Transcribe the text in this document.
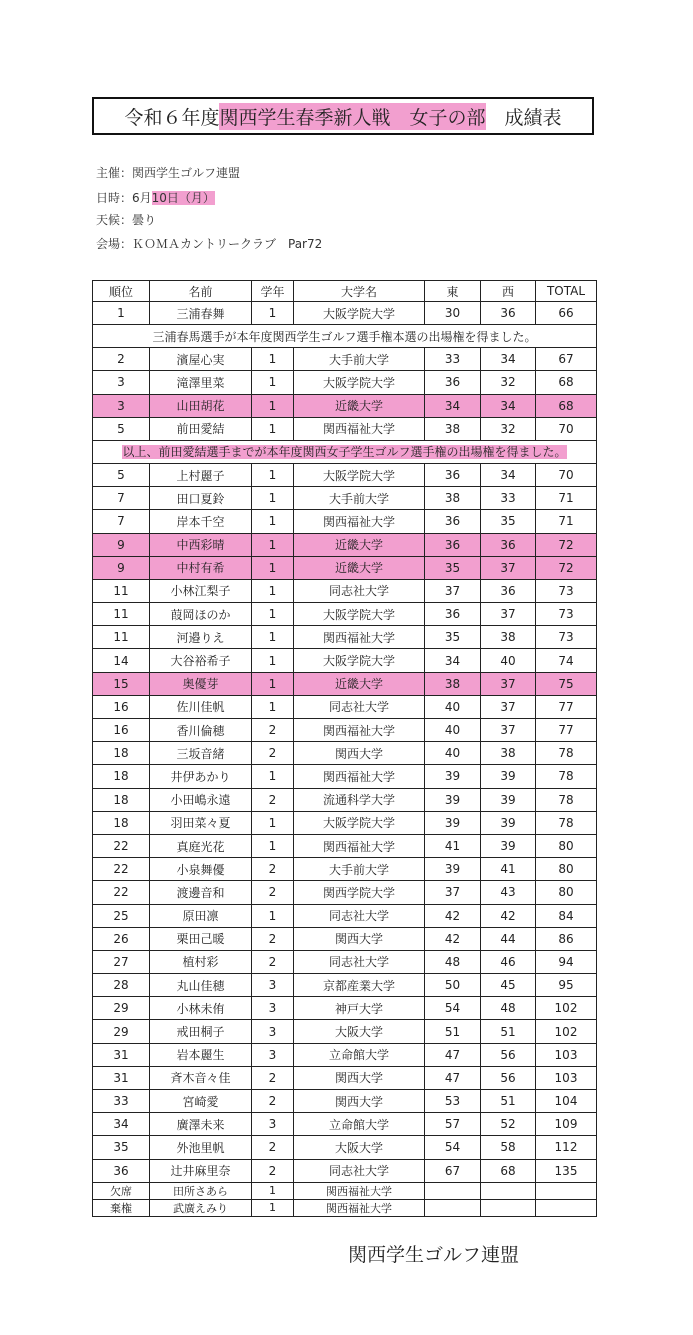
令和６年度 関西学生春季新人戦　女子の部 　成績表
主催：関西学生ゴルフ連盟
日時：6月10日（月）
天候：曇り
会場：ＫＯＭＡカントリークラブ　Par72
順位	名前	学年	大学名	東	西	TOTAL
1	三浦春舞	1	大阪学院大学	30	36	66
三浦春馬選手が本年度関西学生ゴルフ選手権本選の出場権を得ました。						
2	濱屋心実	1	大手前大学	33	34	67
3	滝澤里菜	1	大阪学院大学	36	32	68
3	山田胡花	1	近畿大学	34	34	68
5	前田愛結	1	関西福祉大学	38	32	70
以上、前田愛結選手までが本年度関西女子学生ゴルフ選手権の出場権を得ました。						
5	上村麗子	1	大阪学院大学	36	34	70
7	田口夏鈴	1	大手前大学	38	33	71
7	岸本千空	1	関西福祉大学	36	35	71
9	中西彩晴	1	近畿大学	36	36	72
9	中村有希	1	近畿大学	35	37	72
11	小林江梨子	1	同志社大学	37	36	73
11	葭岡ほのか	1	大阪学院大学	36	37	73
11	河邉りえ	1	関西福祉大学	35	38	73
14	大谷裕希子	1	大阪学院大学	34	40	74
15	奥優芽	1	近畿大学	38	37	75
16	佐川佳帆	1	同志社大学	40	37	77
16	香川倫穂	2	関西福祉大学	40	37	77
18	三坂音緒	2	関西大学	40	38	78
18	井伊あかり	1	関西福祉大学	39	39	78
18	小田嶋永遠	2	流通科学大学	39	39	78
18	羽田菜々夏	1	大阪学院大学	39	39	78
22	真庭光花	1	関西福祉大学	41	39	80
22	小泉舞優	2	大手前大学	39	41	80
22	渡邊音和	2	関西学院大学	37	43	80
25	原田凛	1	同志社大学	42	42	84
26	栗田己暖	2	関西大学	42	44	86
27	植村彩	2	同志社大学	48	46	94
28	丸山佳穂	3	京都産業大学	50	45	95
29	小林未侑	3	神戸大学	54	48	102
29	戒田桐子	3	大阪大学	51	51	102
31	岩本麗生	3	立命館大学	47	56	103
31	斉木音々佳	2	関西大学	47	56	103
33	宮崎愛	2	関西大学	53	51	104
34	廣澤未来	3	立命館大学	57	52	109
35	外池里帆	2	大阪大学	54	58	112
36	辻井麻里奈	2	同志社大学	67	68	135
欠席	田所さあら	1	関西福祉大学			
棄権	武廣えみり	1	関西福祉大学			
関西学生ゴルフ連盟
